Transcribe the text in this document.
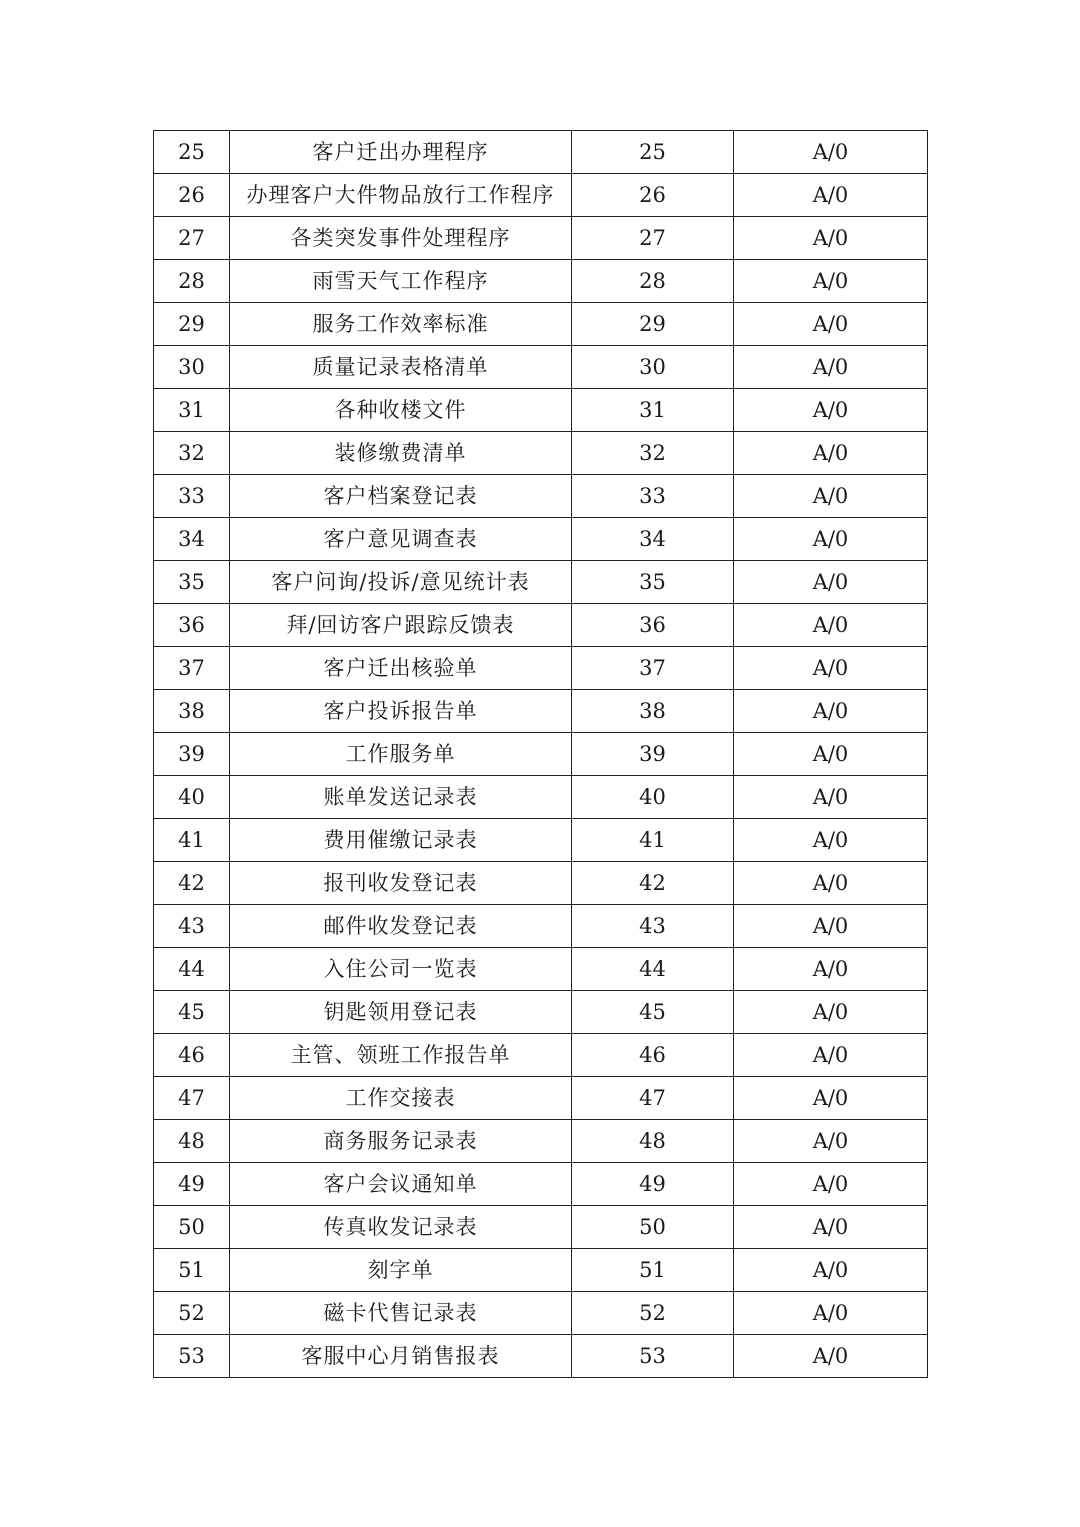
25	客户迁出办理程序	25	A/0
26	办理客户大件物品放行工作程序	26	A/0
27	各类突发事件处理程序	27	A/0
28	雨雪天气工作程序	28	A/0
29	服务工作效率标准	29	A/0
30	质量记录表格清单	30	A/0
31	各种收楼文件	31	A/0
32	装修缴费清单	32	A/0
33	客户档案登记表	33	A/0
34	客户意见调查表	34	A/0
35	客户问询/投诉/意见统计表	35	A/0
36	拜/回访客户跟踪反馈表	36	A/0
37	客户迁出核验单	37	A/0
38	客户投诉报告单	38	A/0
39	工作服务单	39	A/0
40	账单发送记录表	40	A/0
41	费用催缴记录表	41	A/0
42	报刊收发登记表	42	A/0
43	邮件收发登记表	43	A/0
44	入住公司一览表	44	A/0
45	钥匙领用登记表	45	A/0
46	主管、领班工作报告单	46	A/0
47	工作交接表	47	A/0
48	商务服务记录表	48	A/0
49	客户会议通知单	49	A/0
50	传真收发记录表	50	A/0
51	刻字单	51	A/0
52	磁卡代售记录表	52	A/0
53	客服中心月销售报表	53	A/0
